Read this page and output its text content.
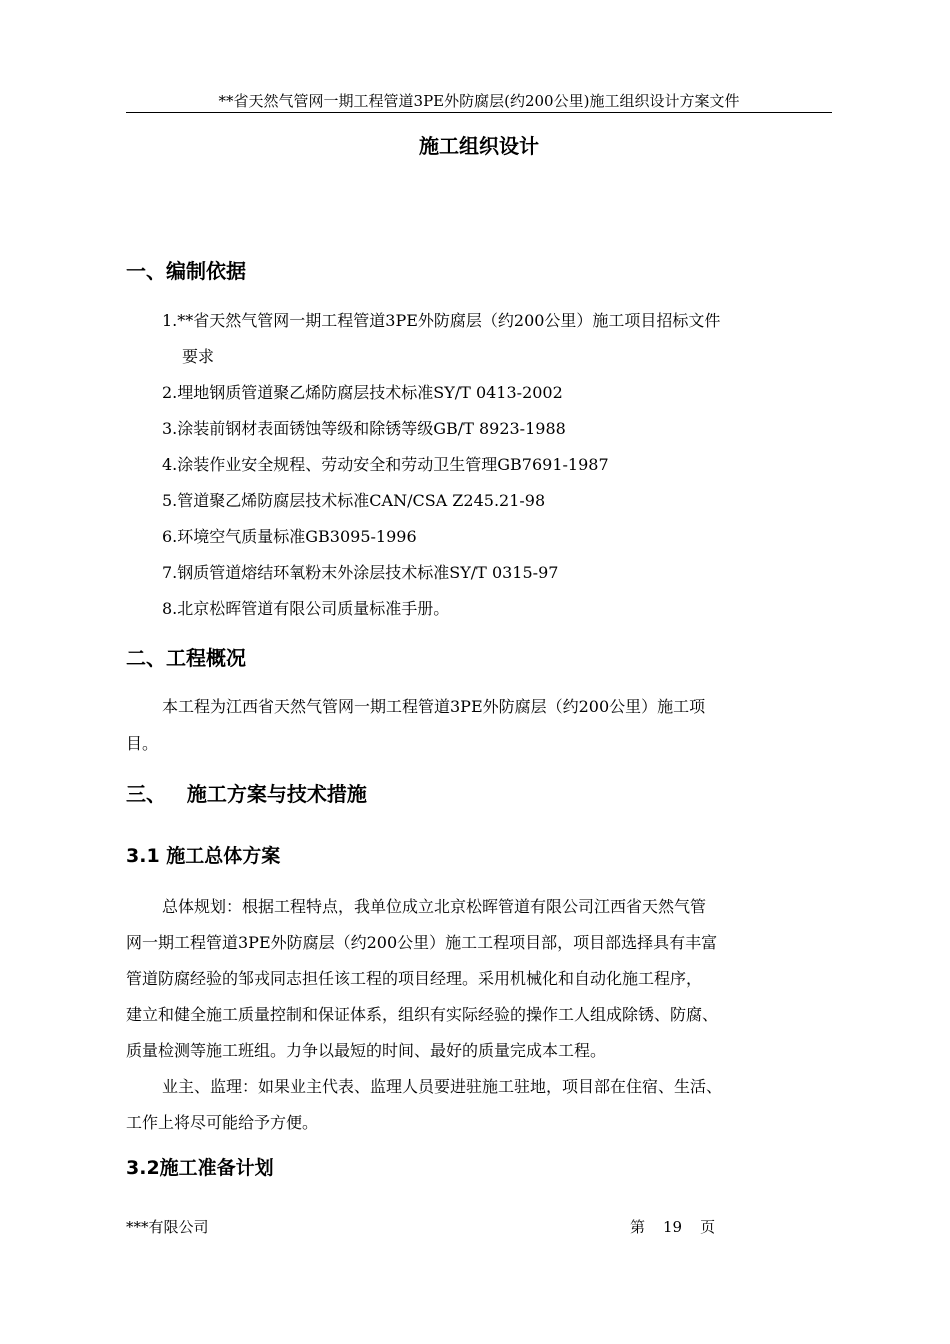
**省天然气管网一期工程管道3PE外防腐层(约200公里)施工组织设计方案文件
施工组织设计
一、编制依据
1.**省天然气管网一期工程管道3PE外防腐层（约200公里）施工项目招标文件
要求
2.埋地钢质管道聚乙烯防腐层技术标准SY/T 0413-2002
3.涂装前钢材表面锈蚀等级和除锈等级GB/T 8923-1988
4.涂装作业安全规程、劳动安全和劳动卫生管理GB7691-1987
5.管道聚乙烯防腐层技术标准CAN/CSA Z245.21-98
6.环境空气质量标准GB3095-1996
7.钢质管道熔结环氧粉末外涂层技术标准SY/T 0315-97
8.北京松晖管道有限公司质量标准手册。
二、工程概况
本工程为江西省天然气管网一期工程管道3PE外防腐层（约200公里）施工项
目。
三、   施工方案与技术措施
3.1 施工总体方案
总体规划：根据工程特点，我单位成立北京松晖管道有限公司江西省天然气管
网一期工程管道3PE外防腐层（约200公里）施工工程项目部，项目部选择具有丰富
管道防腐经验的邹戎同志担任该工程的项目经理。采用机械化和自动化施工程序，
建立和健全施工质量控制和保证体系，组织有实际经验的操作工人组成除锈、防腐、
质量检测等施工班组。力争以最短的时间、最好的质量完成本工程。
业主、监理：如果业主代表、监理人员要进驻施工驻地，项目部在住宿、生活、
工作上将尽可能给予方便。
3.2施工准备计划
***有限公司	第 19 页
